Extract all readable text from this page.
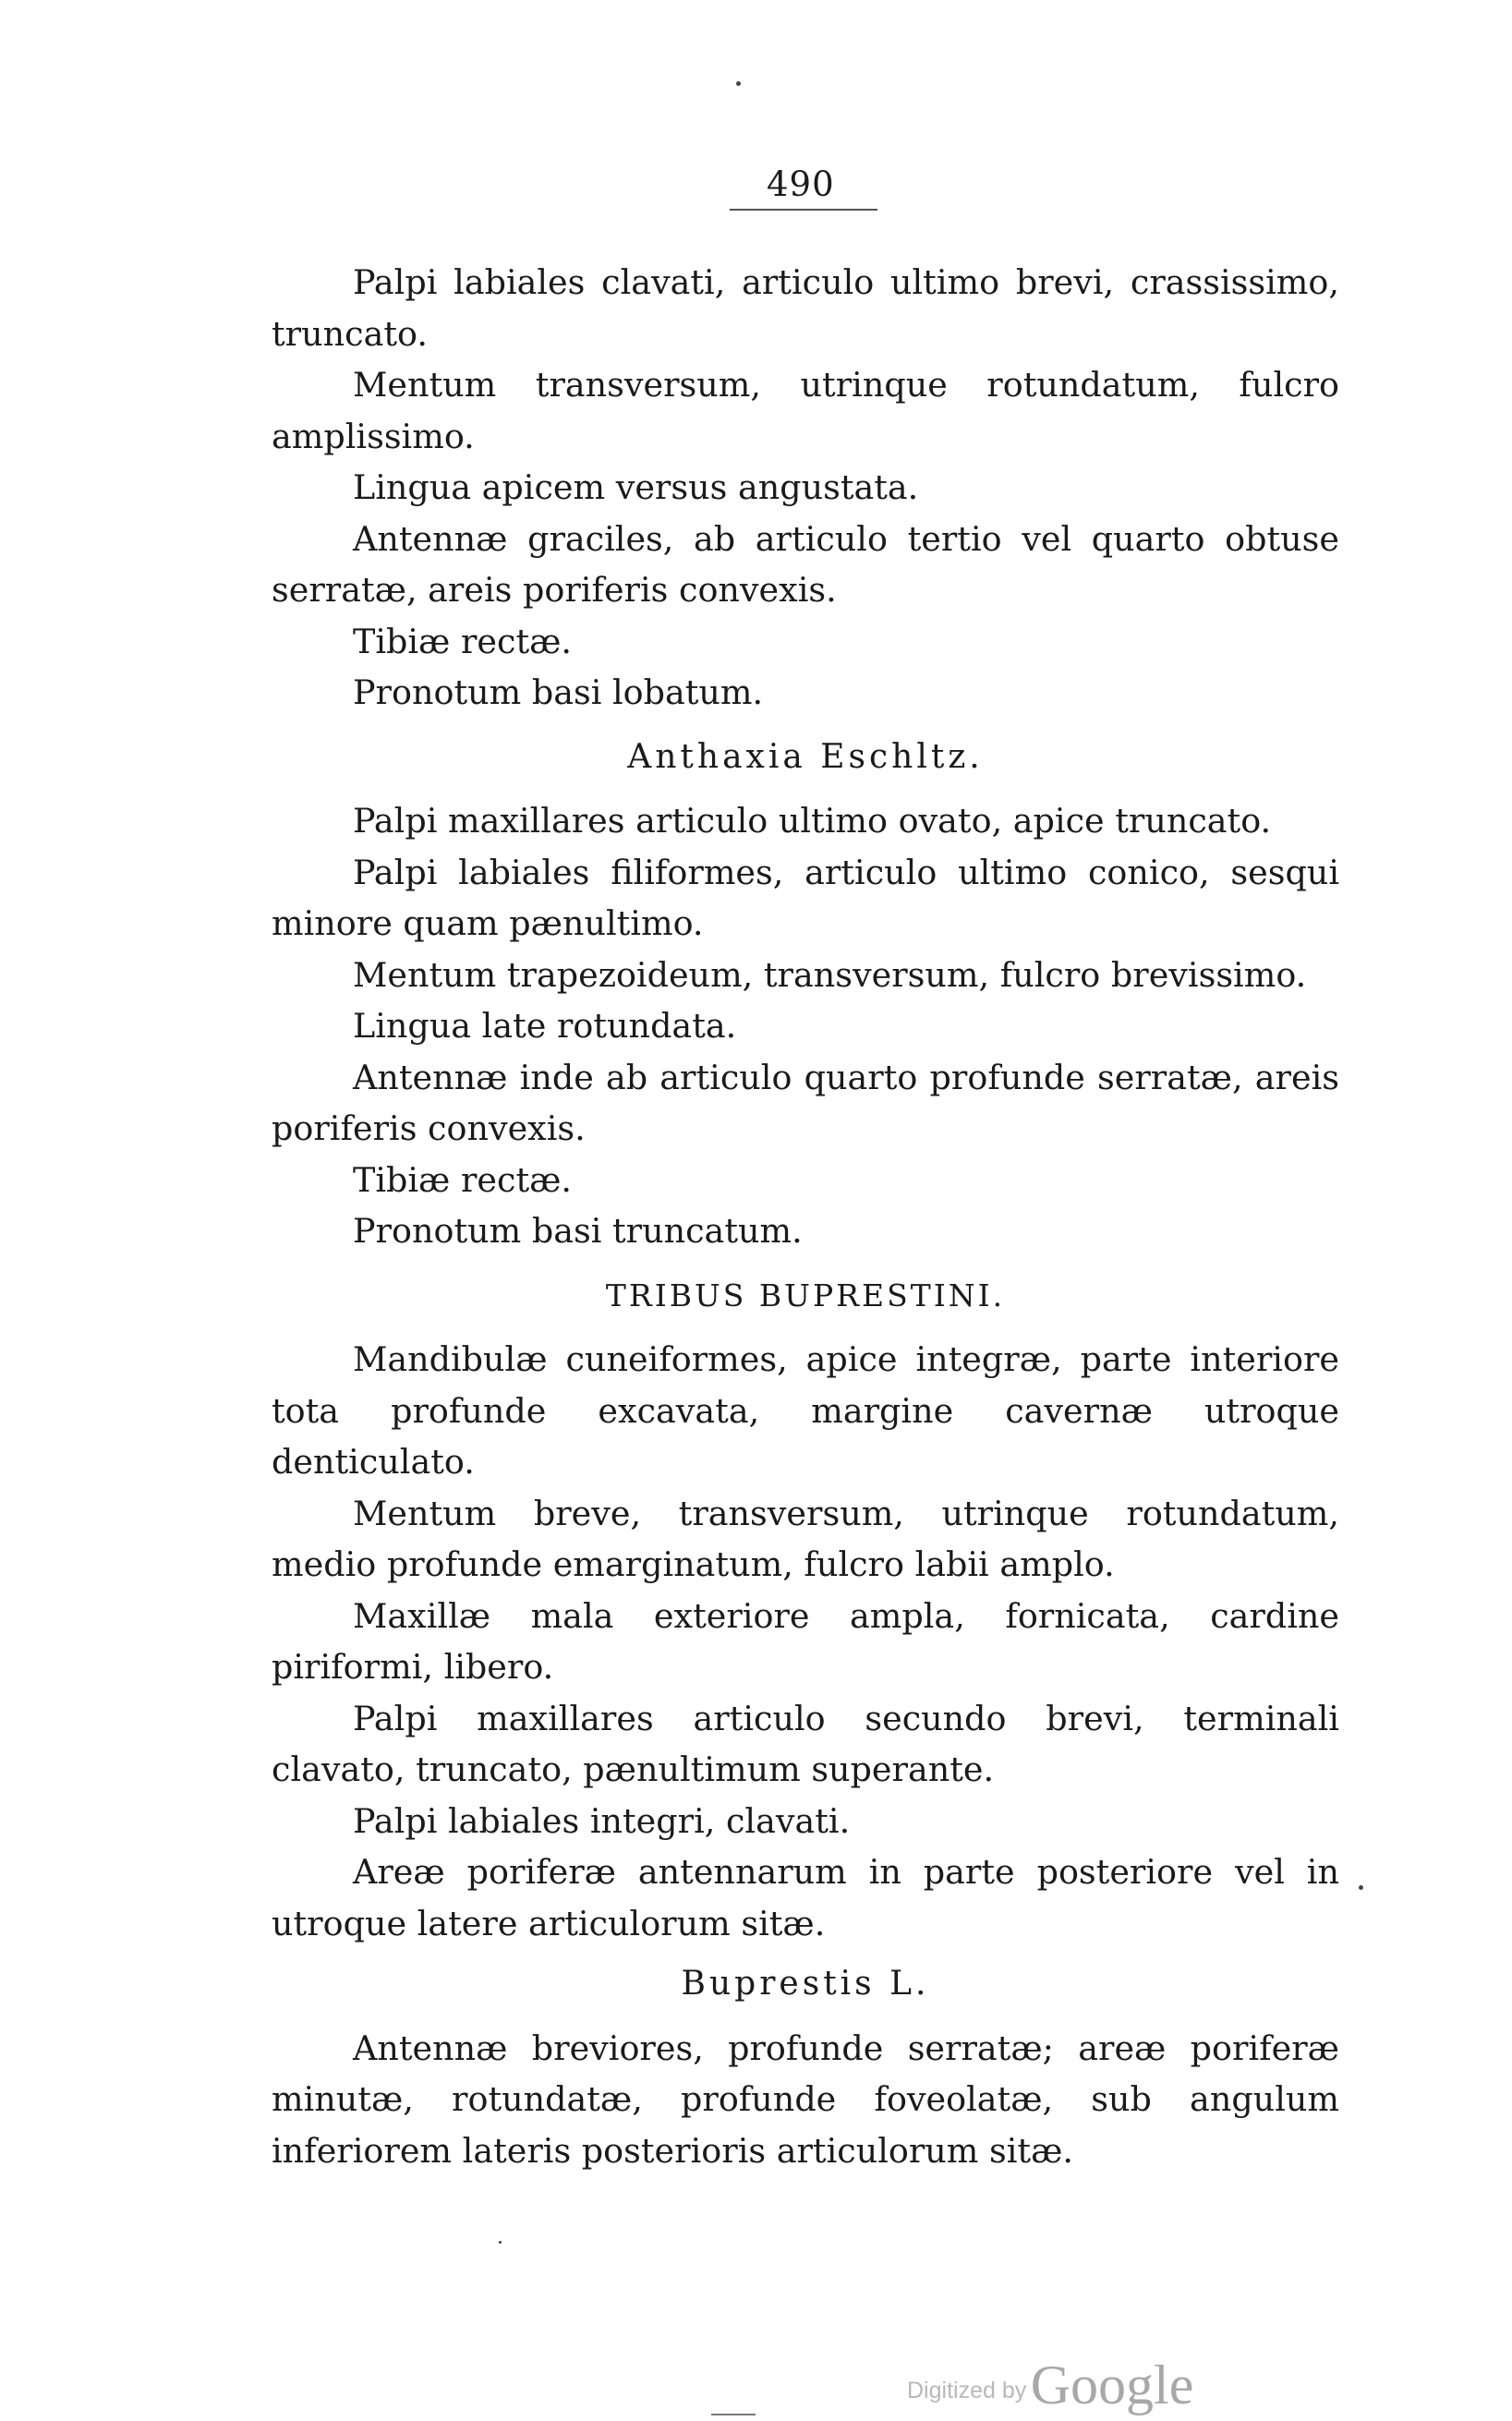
490

Palpi labiales clavati, articulo ultimo brevi, crassissimo, truncato.

Mentum transversum, utrinque rotundatum, fulcro amplissimo.

Lingua apicem versus angustata.

Antennæ graciles, ab articulo tertio vel quarto obtuse serratæ, areis poriferis convexis.

Tibiæ rectæ.

Pronotum basi lobatum.

Anthaxia Eschltz.

Palpi maxillares articulo ultimo ovato, apice truncato.

Palpi labiales filiformes, articulo ultimo conico, sesqui minore quam pænultimo.

Mentum trapezoideum, transversum, fulcro brevissimo.

Lingua late rotundata.

Antennæ inde ab articulo quarto profunde serratæ, areis poriferis convexis.

Tibiæ rectæ.

Pronotum basi truncatum.

TRIBUS BUPRESTINI.

Mandibulæ cuneiformes, apice integræ, parte interiore tota profunde excavata, margine cavernæ utroque denticulato.

Mentum breve, transversum, utrinque rotundatum, medio profunde emarginatum, fulcro labii amplo.

Maxillæ mala exteriore ampla, fornicata, cardine piriformi, libero.

Palpi maxillares articulo secundo brevi, terminali clavato, truncato, pænultimum superante.

Palpi labiales integri, clavati.

Areæ poriferæ antennarum in parte posteriore vel in utroque latere articulorum sitæ.

Buprestis L.

Antennæ breviores, profunde serratæ; areæ poriferæ minutæ, rotundatæ, profunde foveolatæ, sub angulum inferiorem lateris posterioris articulorum sitæ.

Digitized by Google
